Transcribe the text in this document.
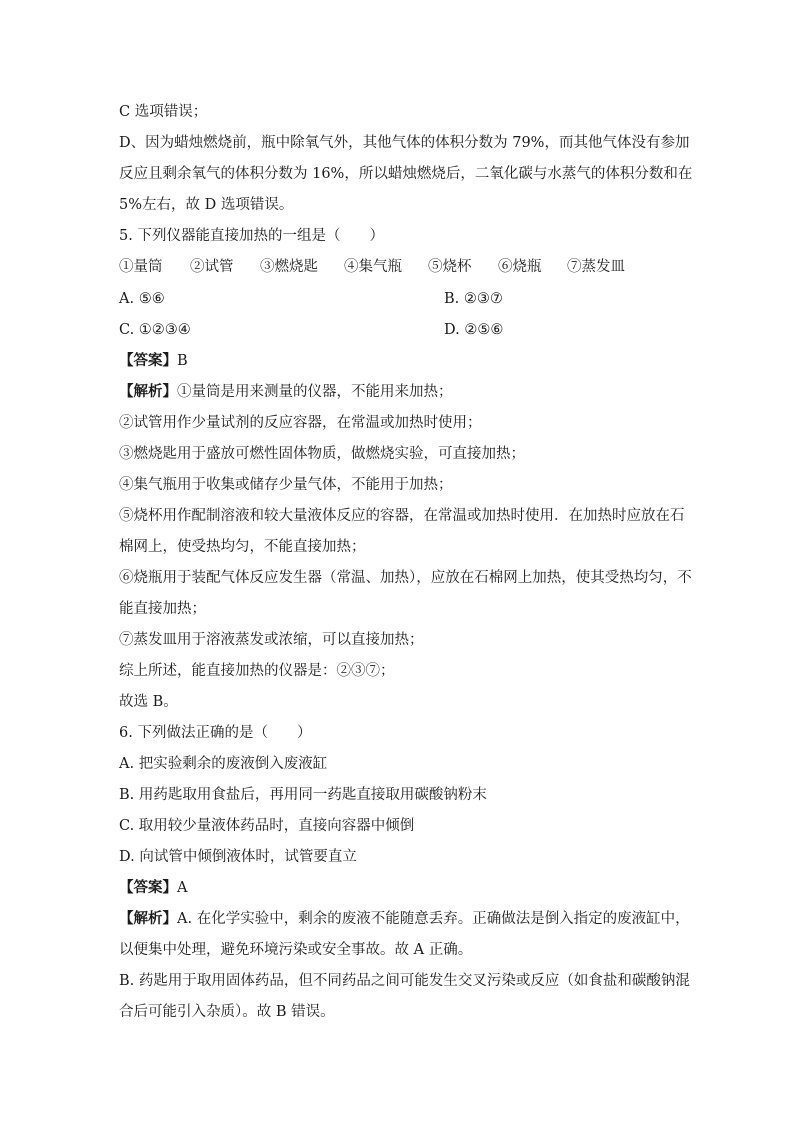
C 选项错误；
D、因为蜡烛燃烧前，瓶中除氧气外，其他气体的体积分数为 79%，而其他气体没有参加
反应且剩余氧气的体积分数为 16%，所以蜡烛燃烧后，二氧化碳与水蒸气的体积分数和在
5%左右，故 D 选项错误。
5. 下列仪器能直接加热的一组是（　　）
①量筒 ②试管 ③燃烧匙 ④集气瓶 ⑤烧杯 ⑥烧瓶 ⑦蒸发皿
A. ⑤⑥	B. ②③⑦
C. ①②③④	D. ②⑤⑥
【答案】B
【解析】①量筒是用来测量的仪器，不能用来加热；
②试管用作少量试剂的反应容器，在常温或加热时使用；
③燃烧匙用于盛放可燃性固体物质，做燃烧实验，可直接加热；
④集气瓶用于收集或储存少量气体，不能用于加热；
⑤烧杯用作配制溶液和较大量液体反应的容器，在常温或加热时使用．在加热时应放在石
棉网上，使受热均匀，不能直接加热；
⑥烧瓶用于装配气体反应发生器（常温、加热），应放在石棉网上加热，使其受热均匀，不
能直接加热；
⑦蒸发皿用于溶液蒸发或浓缩，可以直接加热；
综上所述，能直接加热的仪器是：②③⑦；
故选 B。
6. 下列做法正确的是（　　）
A. 把实验剩余的废液倒入废液缸
B. 用药匙取用食盐后，再用同一药匙直接取用碳酸钠粉末
C. 取用较少量液体药品时，直接向容器中倾倒
D. 向试管中倾倒液体时，试管要直立
【答案】A
【解析】A. 在化学实验中，剩余的废液不能随意丢弃。正确做法是倒入指定的废液缸中，
以便集中处理，避免环境污染或安全事故。故 A 正确。
B. 药匙用于取用固体药品，但不同药品之间可能发生交叉污染或反应（如食盐和碳酸钠混
合后可能引入杂质）。故 B 错误。
